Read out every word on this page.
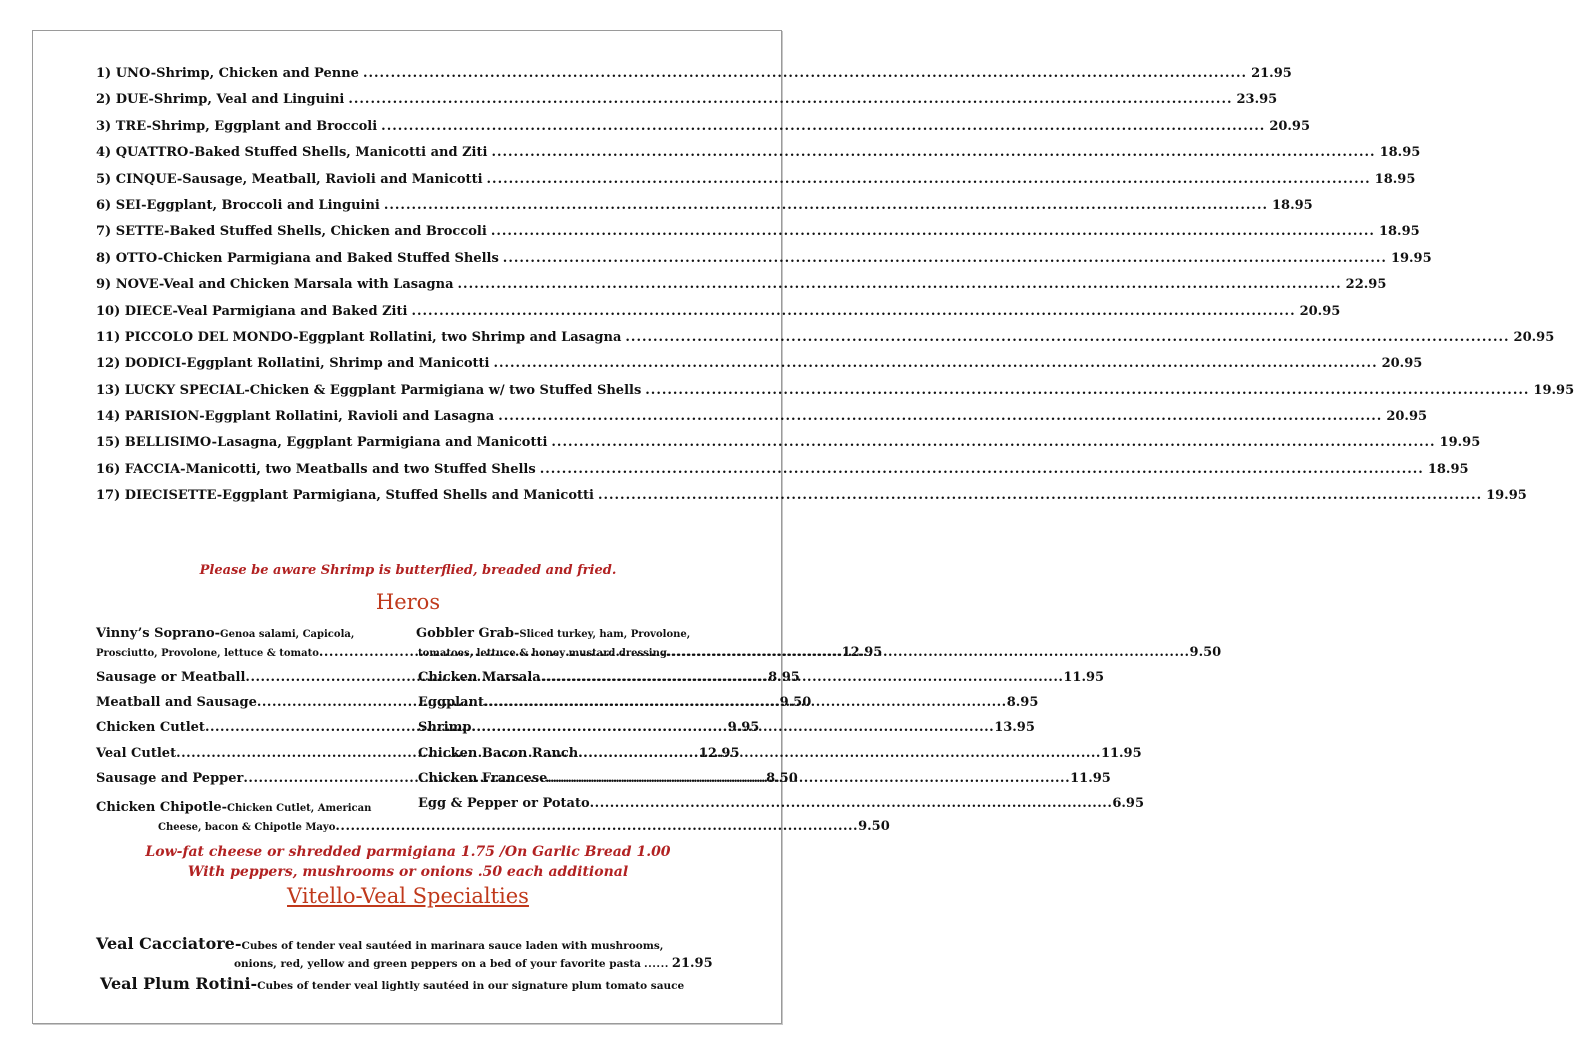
1) UNO-Shrimp, Chicken and Penne .....	21.95
2) DUE-Shrimp, Veal and Linguini .....	23.95
3) TRE-Shrimp, Eggplant and Broccoli .....	20.95
4) QUATTRO-Baked Stuffed Shells, Manicotti and Ziti .....	18.95
5) CINQUE-Sausage, Meatball, Ravioli and Manicotti .....	18.95
6) SEI-Eggplant, Broccoli and Linguini .....	18.95
7) SETTE-Baked Stuffed Shells, Chicken and Broccoli .....	18.95
8) OTTO-Chicken Parmigiana and Baked Stuffed Shells .....	19.95
9) NOVE-Veal and Chicken Marsala with Lasagna .....	22.95
10) DIECE-Veal Parmigiana and Baked Ziti .....	20.95
11) PICCOLO DEL MONDO-Eggplant Rollatini, two Shrimp and Lasagna .....	20.95
12) DODICI-Eggplant Rollatini, Shrimp and Manicotti .....	20.95
13) LUCKY SPECIAL-Chicken & Eggplant Parmigiana w/ two Stuffed Shells .....	19.95
14) PARISION-Eggplant Rollatini, Ravioli and Lasagna .....	20.95
15) BELLISIMO-Lasagna, Eggplant Parmigiana and Manicotti .....	19.95
16) FACCIA-Manicotti, two Meatballs and two Stuffed Shells .....	18.95
17) DIECISETTE-Eggplant Parmigiana, Stuffed Shells and Manicotti .....	19.95
Please be aware Shrimp is butterflied, breaded and fried.
Heros
Vinny’s Soprano- Genoa salami, Capicola,
Prosciutto, Provolone, lettuce & tomato .....	12.95
Sausage or Meatball .....	8.95
Meatball and Sausage .....	9.50
Chicken Cutlet .....	9.95
Veal Cutlet .....	12.95
Sausage and Pepper .....	8.50
Chicken Chipotle- Chicken Cutlet, American
Cheese, bacon & Chipotle Mayo .....	9.50
Gobbler Grab- Sliced turkey, ham, Provolone,
tomatoes, lettuce & honey mustard dressing .....	9.50
Chicken Marsala .....	11.95
Eggplant .....	8.95
Shrimp .....	13.95
Chicken Bacon Ranch .....	11.95
Chicken Francese .....	11.95
Egg & Pepper or Potato .....	6.95
Low-fat cheese or shredded parmigiana 1.75 /On Garlic Bread 1.00
With peppers, mushrooms or onions .50 each additional
Vitello-Veal Specialties
Veal Cacciatore-Cubes of tender veal sautéed in marinara sauce laden with mushrooms,
onions, red, yellow and green peppers on a bed of your favorite pasta ...... 21.95
Veal Plum Rotini-Cubes of tender veal lightly sautéed in our signature plum tomato sauce
